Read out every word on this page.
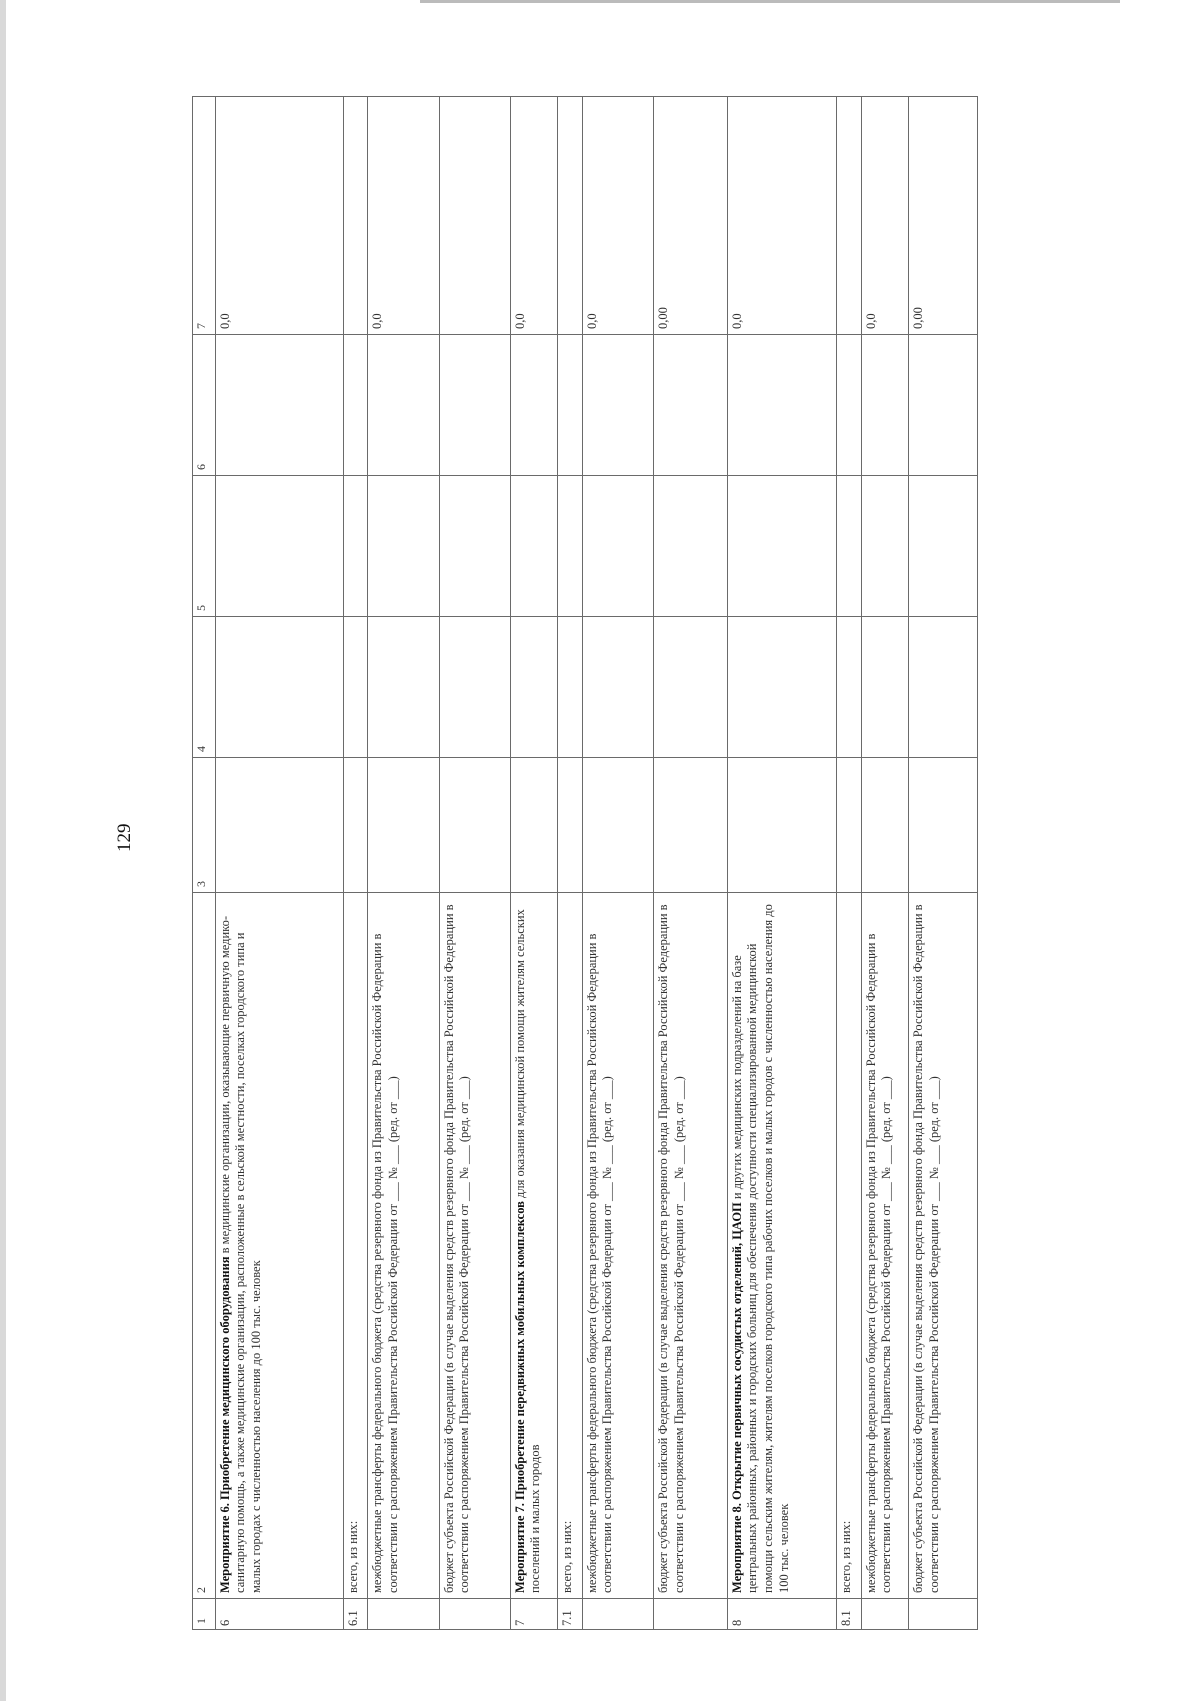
129
1	2	3	4	5	6	7
6	Мероприятие 6. Приобретение медицинского оборудования в медицинские организации, оказывающие первичную медико-санитарную помощь, а также медицинские организации, расположенные в сельской местности, поселках городского типа и малых городах с численностью населения до 100 тыс. человек					0,0
6.1	всего, из них:					
	межбюджетные трансферты федерального бюджета (средства резервного фонда из Правительства Российской Федерации в соответствии с распоряжением Правительства Российской Федерации от ___ № ___ (ред. от ___)					0,0
	бюджет субъекта Российской Федерации (в случае выделения средств резервного фонда Правительства Российской Федерации в соответствии с распоряжением Правительства Российской Федерации от ___ № ___ (ред. от ___)					
7	Мероприятие 7. Приобретение передвижных мобильных комплексов для оказания медицинской помощи жителям сельских поселений и малых городов					0,0
7.1	всего, из них:					
	межбюджетные трансферты федерального бюджета (средства резервного фонда из Правительства Российской Федерации в соответствии с распоряжением Правительства Российской Федерации от ___ № ___ (ред. от ___)					0,0
	бюджет субъекта Российской Федерации (в случае выделения средств резервного фонда Правительства Российской Федерации в соответствии с распоряжением Правительства Российской Федерации от ___ № ___ (ред. от ___)					0,00
8	Мероприятие 8. Открытие первичных сосудистых отделений, ЦАОП и других медицинских подразделений на базе центральных районных, районных и городских больниц для обеспечения доступности специализированной медицинской помощи сельским жителям, жителям поселков городского типа рабочих поселков и малых городов с численностью населения до 100 тыс. человек					0,0
8.1	всего, из них:					
	межбюджетные трансферты федерального бюджета (средства резервного фонда из Правительства Российской Федерации в соответствии с распоряжением Правительства Российской Федерации от ___ № ___ (ред. от ___)					0,0
	бюджет субъекта Российской Федерации (в случае выделения средств резервного фонда Правительства Российской Федерации в соответствии с распоряжением Правительства Российской Федерации от ___ № ___ (ред. от ___)					0,00
